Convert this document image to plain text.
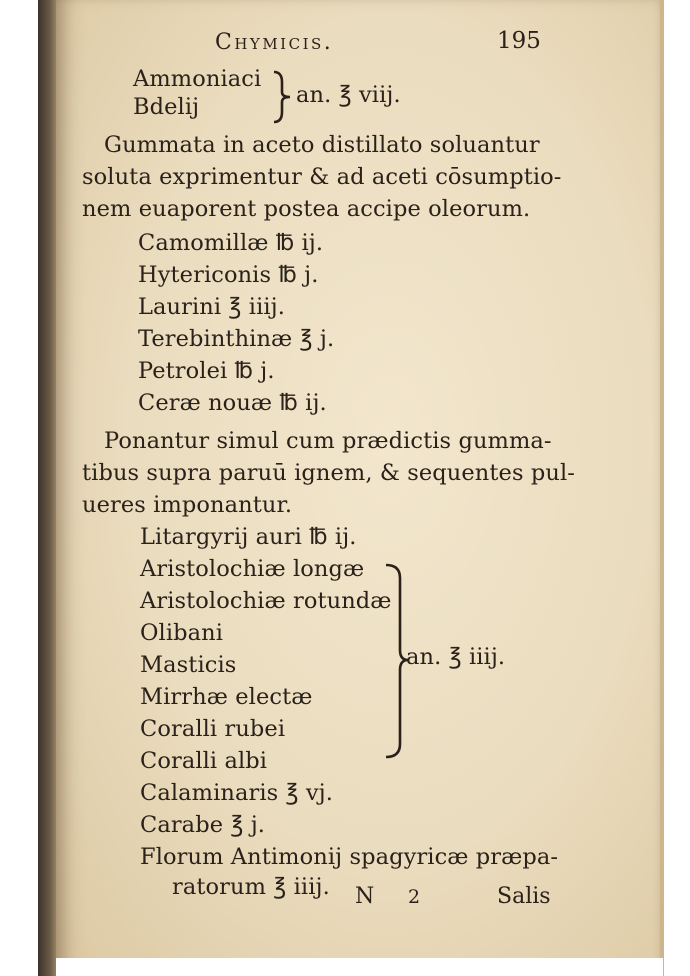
Chymicis.	195
Ammoniaci
Bdelij	an. ℥ viij.
Gummata in aceto distillato soluantur
soluta exprimentur & ad aceti cōsumptio-
nem euaporent postea accipe oleorum.
Camomillæ ℔ ij.
Hytericonis ℔ j.
Laurini ℥ iiij.
Terebinthinæ ℥ j.
Petrolei ℔ j.
Ceræ nouæ ℔ ij.
Ponantur simul cum prædictis gumma-
tibus supra paruū ignem, & sequentes pul-
ueres imponantur.
Litargyrij auri ℔ ij.
Aristolochiæ longæ
Aristolochiæ rotundæ
Olibani
Masticis
Mirrhæ electæ
Coralli rubei
Coralli albi
an. ℥ iiij.
Calaminaris ℥ vj.
Carabe ℥ j.
Florum Antimonij spagyricæ præpa-
ratorum ℥ iiij. N 2	Salis
